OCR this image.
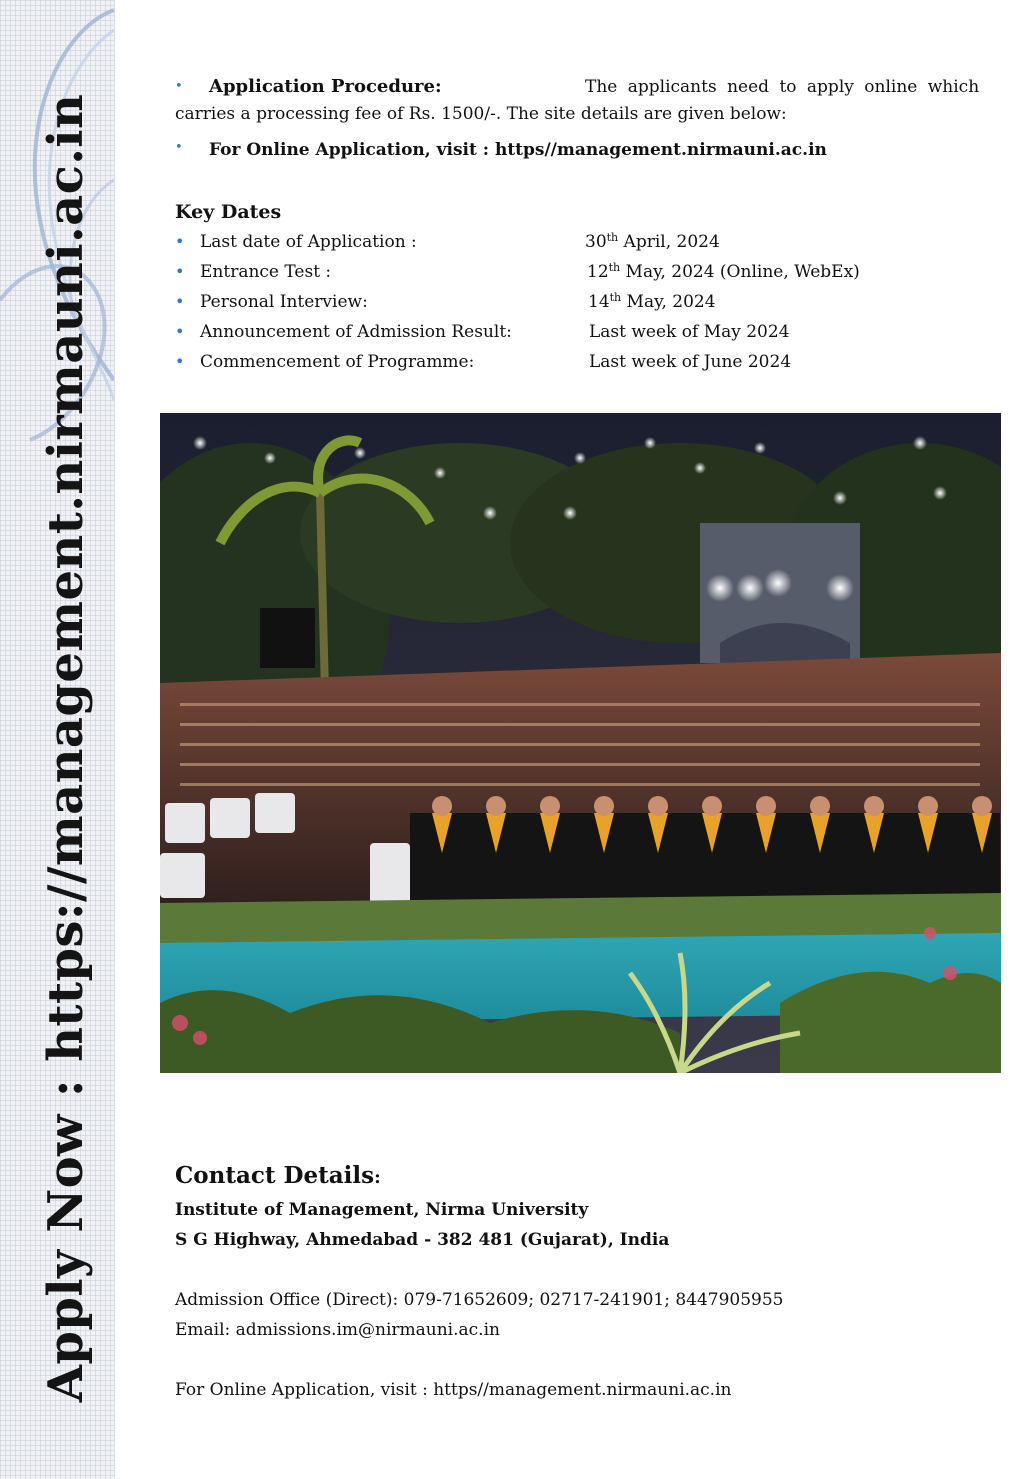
Apply Now : https://management.nirmauni.ac.in
• Application Procedure:	The applicants need to apply online which
carries a processing fee of Rs. 1500/-. The site details are given below:
• For Online Application, visit : https//management.nirmauni.ac.in
Key Dates
• Last date of Application :	30th April, 2024
• Entrance Test :	12th May, 2024 (Online, WebEx)
• Personal Interview:	14th May, 2024
• Announcement of Admission Result:	Last week of May 2024
• Commencement of Programme:	Last week of June 2024
Contact Details:
Institute of Management, Nirma University
S G Highway, Ahmedabad - 382 481 (Gujarat), India
Admission Office (Direct): 079-71652609; 02717-241901; 8447905955
Email: admissions.im@nirmauni.ac.in
For Online Application, visit : https//management.nirmauni.ac.in
